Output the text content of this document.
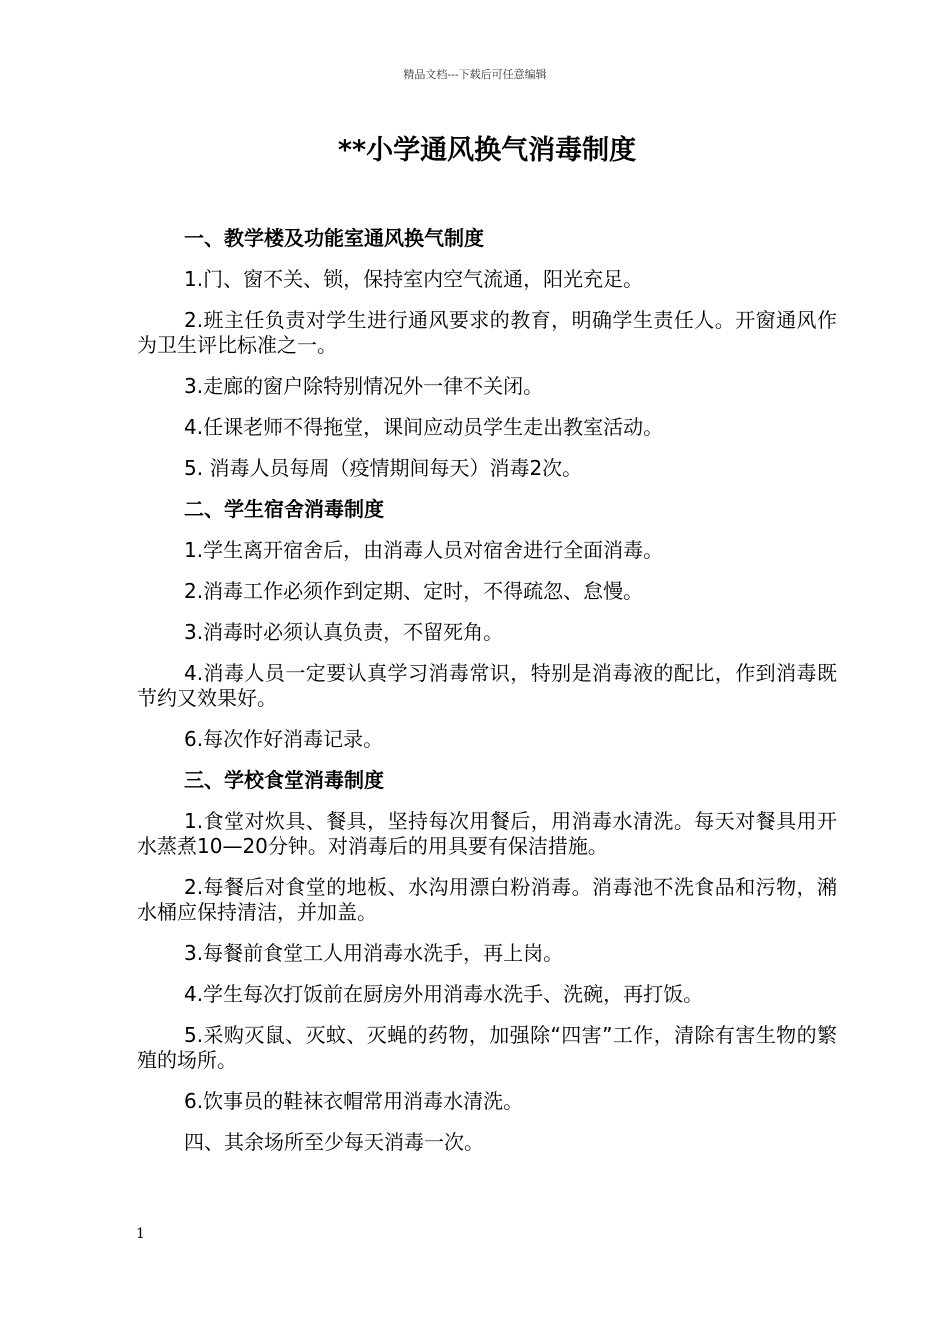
精品文档---下载后可任意编辑
**小学通风换气消毒制度
一、教学楼及功能室通风换气制度
1.门、窗不关、锁，保持室内空气流通，阳光充足。
2.班主任负责对学生进行通风要求的教育，明确学生责任人。开窗通风作为卫生评比标准之一。
3.走廊的窗户除特别情况外一律不关闭。
4.任课老师不得拖堂，课间应动员学生走出教室活动。
5. 消毒人员每周（疫情期间每天）消毒2次。
二、学生宿舍消毒制度
1.学生离开宿舍后，由消毒人员对宿舍进行全面消毒。
2.消毒工作必须作到定期、定时，不得疏忽、怠慢。
3.消毒时必须认真负责，不留死角。
4.消毒人员一定要认真学习消毒常识，特别是消毒液的配比，作到消毒既节约又效果好。
6.每次作好消毒记录。
三、学校食堂消毒制度
1.食堂对炊具、餐具，坚持每次用餐后，用消毒水清洗。每天对餐具用开水蒸煮10—20分钟。对消毒后的用具要有保洁措施。
2.每餐后对食堂的地板、水沟用漂白粉消毒。消毒池不洗食品和污物，潲水桶应保持清洁，并加盖。
3.每餐前食堂工人用消毒水洗手，再上岗。
4.学生每次打饭前在厨房外用消毒水洗手、洗碗，再打饭。
5.采购灭鼠、灭蚊、灭蝇的药物，加强除“四害”工作，清除有害生物的繁殖的场所。
6.饮事员的鞋袜衣帽常用消毒水清洗。
四、其余场所至少每天消毒一次。
1
